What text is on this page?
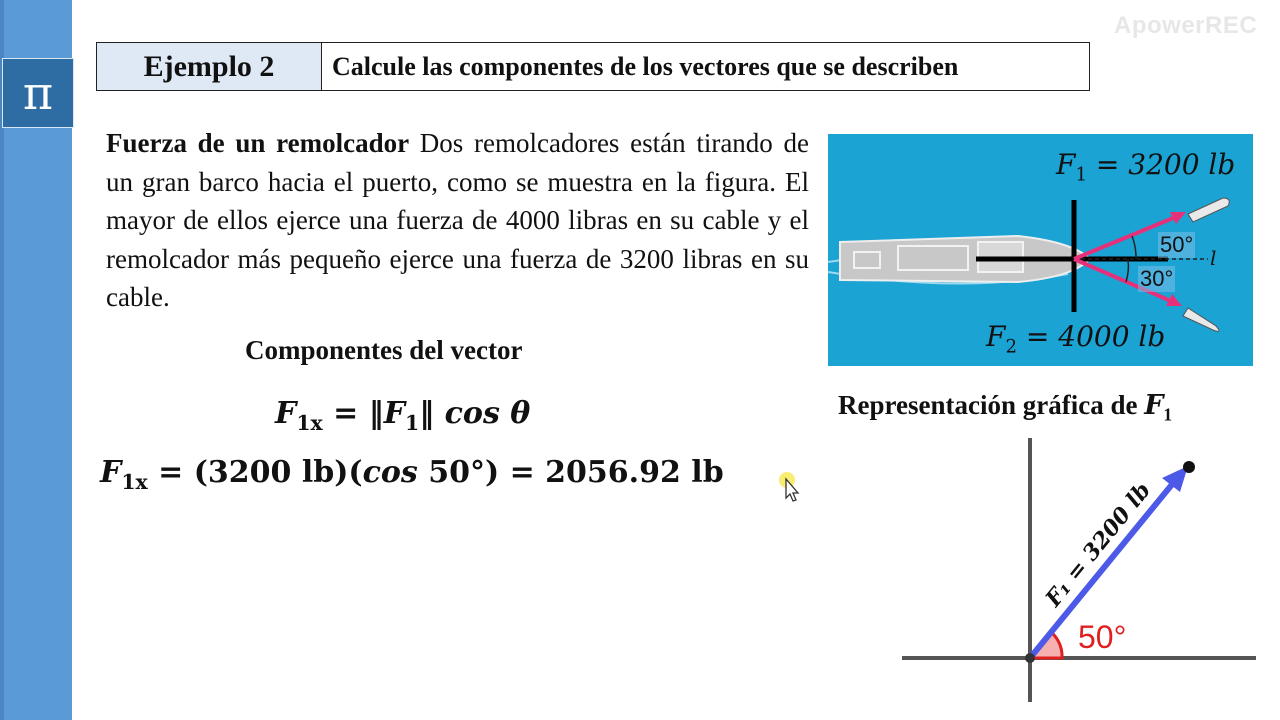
π
ApowerREC
Ejemplo 2	Calcule las componentes de los vectores que se describen
Fuerza de un remolcador Dos remolcadores están tirando de un gran barco hacia el puerto, como se muestra en la figura. El mayor de ellos ejerce una fuerza de 4000 libras en su cable y el remolcador más pequeño ejerce una fuerza de 3200 libras en su cable.
Componentes del vector
$F_{1x}$ = $‖F_1‖$ cos θ
$F_{1x} = (3200$ lb)(cos 50°) = 2056.92 lb
$F_1 = 3200$ lb
$F_2 = 4000$ lb
50°
30°
l
Representación gráfica de $F_1$
F₁ = 3200 lb
50°
